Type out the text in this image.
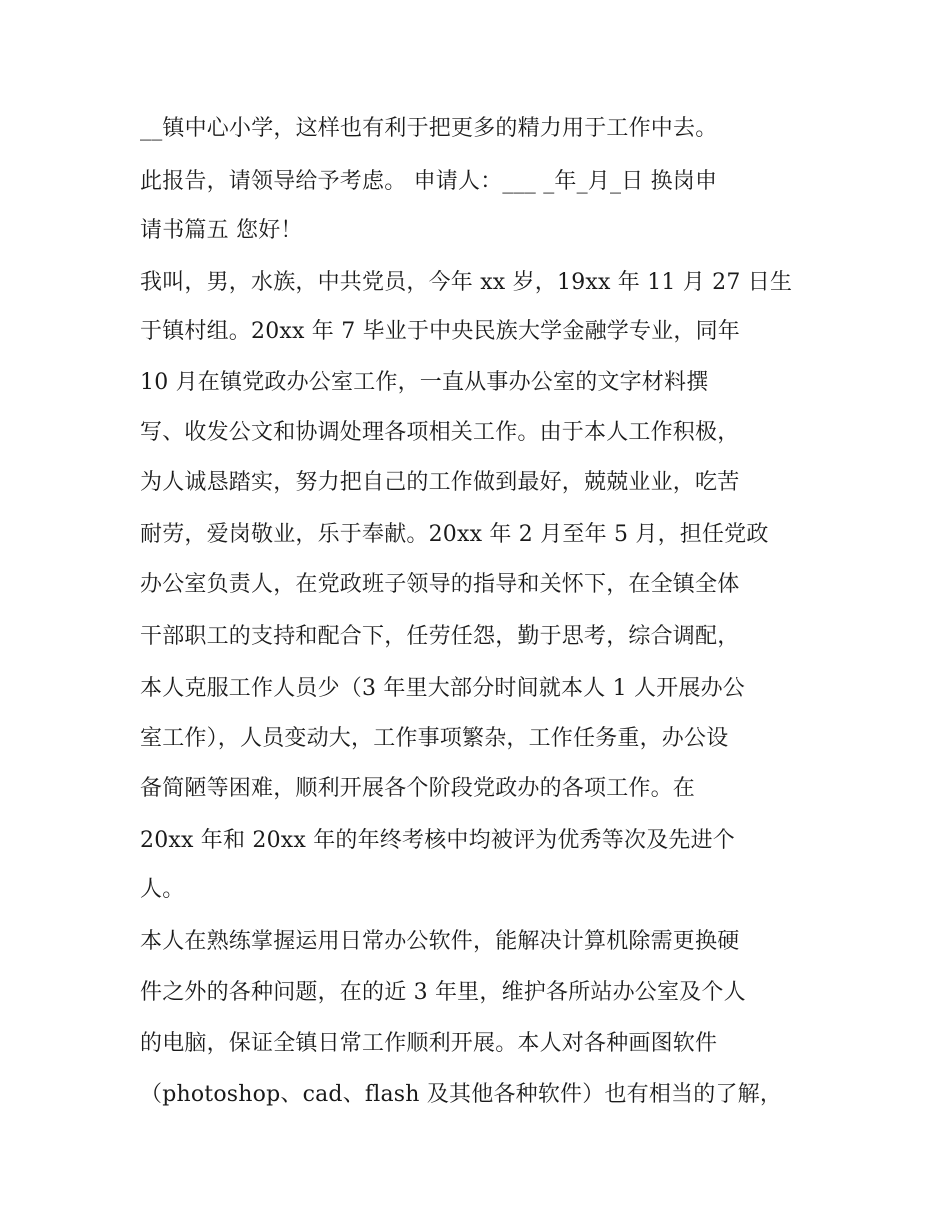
__镇中心小学，这样也有利于把更多的精力用于工作中去。

此报告，请领导给予考虑。 申请人：___ _年_月_日 换岗申

请书篇五 您好！

我叫，男，水族，中共党员，今年 xx 岁，19xx 年 11 月 27 日生

于镇村组。20xx 年 7 毕业于中央民族大学金融学专业，同年

10 月在镇党政办公室工作，一直从事办公室的文字材料撰

写、收发公文和协调处理各项相关工作。由于本人工作积极，

为人诚恳踏实，努力把自己的工作做到最好，兢兢业业，吃苦

耐劳，爱岗敬业，乐于奉献。20xx 年 2 月至年 5 月，担任党政

办公室负责人，在党政班子领导的指导和关怀下，在全镇全体

干部职工的支持和配合下，任劳任怨，勤于思考，综合调配，

本人克服工作人员少（3 年里大部分时间就本人 1 人开展办公

室工作），人员变动大，工作事项繁杂，工作任务重，办公设

备简陋等困难，顺利开展各个阶段党政办的各项工作。在

20xx 年和 20xx 年的年终考核中均被评为优秀等次及先进个

人。

本人在熟练掌握运用日常办公软件，能解决计算机除需更换硬

件之外的各种问题，在的近 3 年里，维护各所站办公室及个人

的电脑，保证全镇日常工作顺利开展。本人对各种画图软件

（photoshop、cad、flash 及其他各种软件）也有相当的了解，
